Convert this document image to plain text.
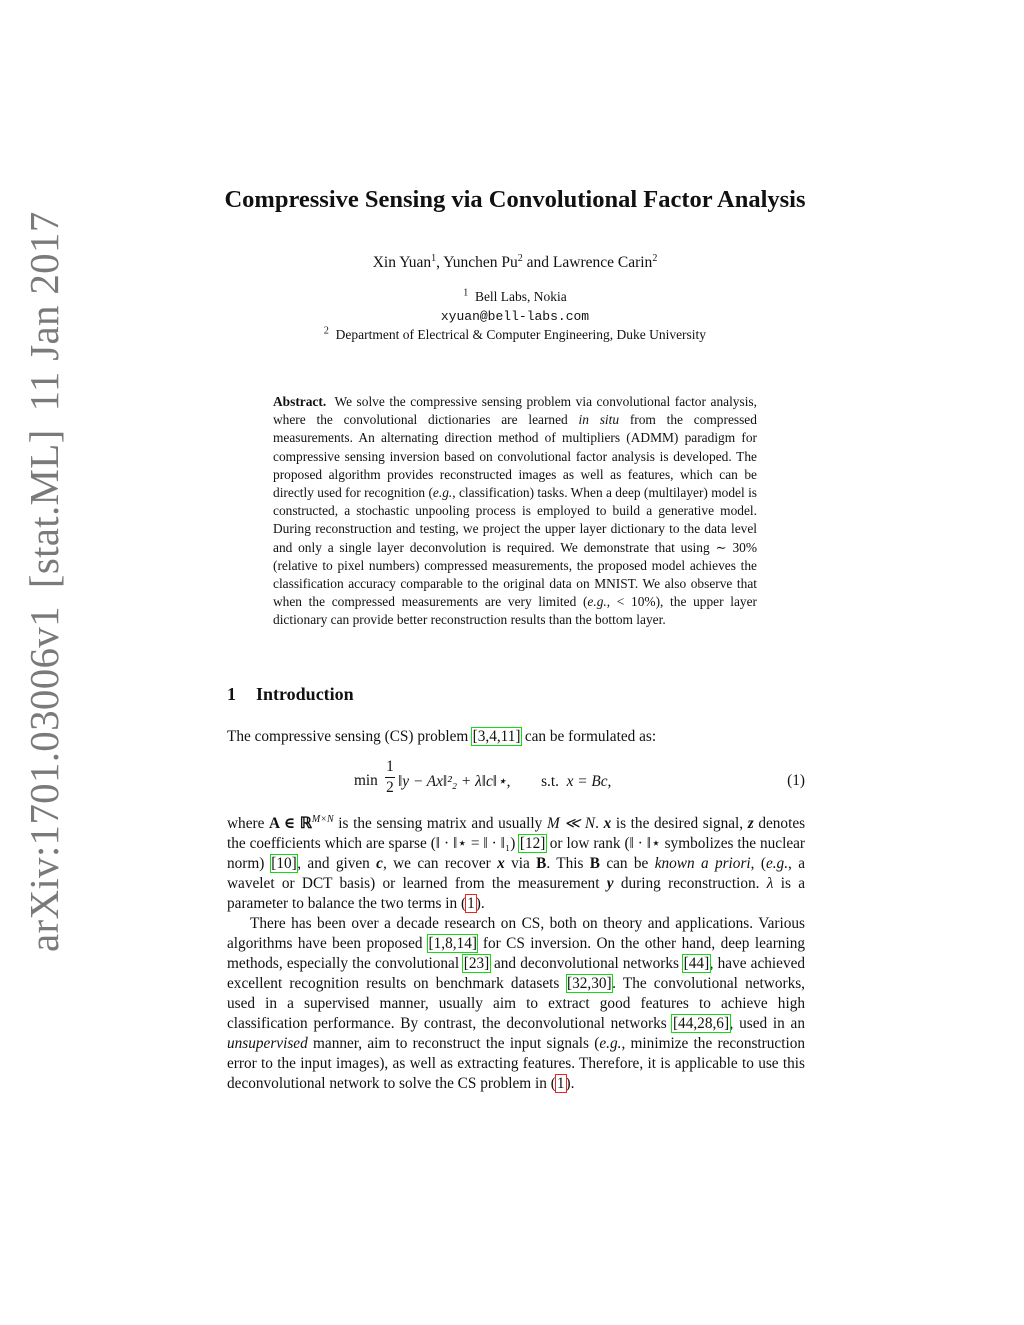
arXiv:1701.03006v1[stat.ML]11 Jan 2017
Compressive Sensing via Convolutional Factor Analysis
Xin Yuan$^1$, Yunchen Pu$^2$ and Lawrence Carin$^2$
$^1$ Bell Labs, Nokia
xyuan@bell-labs.com
$^2$ Department of Electrical & Computer Engineering, Duke University

Abstract. We solve the compressive sensing problem via convolutional factor analysis, where the convolutional dictionaries are learned in situ from the compressed measurements. An alternating direction method of multipliers (ADMM) paradigm for compressive sensing inversion based on convolutional factor analysis is developed. The proposed algorithm provides reconstructed images as well as features, which can be directly used for recognition (e.g., classification) tasks. When a deep (multilayer) model is constructed, a stochastic unpooling process is employed to build a generative model. During reconstruction and testing, we project the upper layer dictionary to the data level and only a single layer deconvolution is required. We demonstrate that using ∼ 30% (relative to pixel numbers) compressed measurements, the proposed model achieves the classification accuracy comparable to the original data on MNIST. We also observe that when the compressed measurements are very limited (e.g., < 10%), the upper layer dictionary can provide better reconstruction results than the bottom layer.

1 Introduction

The compressive sensing (CS) problem [3,4,11] can be formulated as:

min
1
2 ‖y − Ax‖²₂ + λ‖c‖⋆, s.t. x = Bc,	(1)

where A ∈ ℝ$^{M\times N}$ is the sensing matrix and usually M ≪ N. x is the desired signal, z denotes the coefficients which are sparse (‖ · ‖⋆ = ‖ · ‖₁) [12] or low rank (‖ · ‖⋆ symbolizes the nuclear norm) [10], and given c, we can recover x via B. This B can be known a priori, (e.g., a wavelet or DCT basis) or learned from the measurement y during reconstruction. λ is a parameter to balance the two terms in (1).

There has been over a decade research on CS, both on theory and applications. Various algorithms have been proposed [1,8,14] for CS inversion. On the other hand, deep learning methods, especially the convolutional [23] and deconvolutional networks [44], have achieved excellent recognition results on benchmark datasets [32,30]. The convolutional networks, used in a supervised manner, usually aim to extract good features to achieve high classification performance. By contrast, the deconvolutional networks [44,28,6], used in an unsupervised manner, aim to reconstruct the input signals (e.g., minimize the reconstruction error to the input images), as well as extracting features. Therefore, it is applicable to use this deconvolutional network to solve the CS problem in (1).
